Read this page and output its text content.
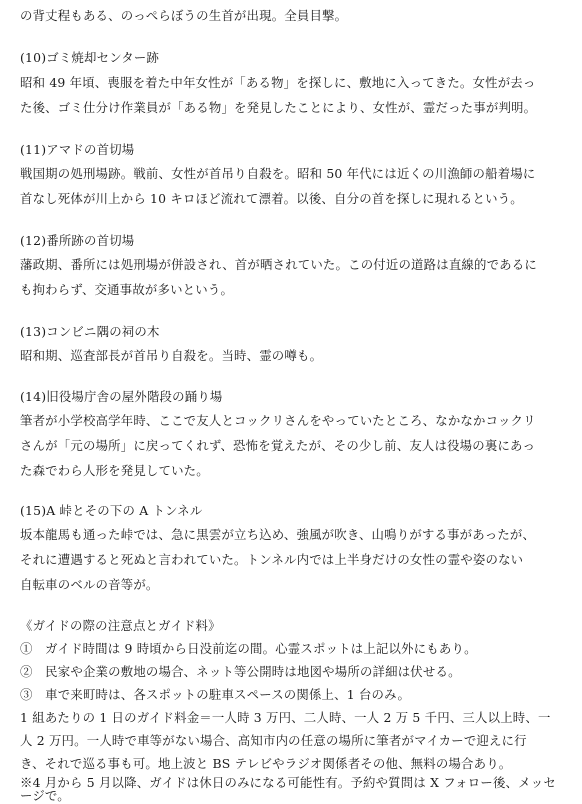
の背丈程もある、のっぺらぼうの生首が出現。全員目撃。
(10)ゴミ焼却センター跡
昭和 49 年頃、喪服を着た中年女性が「ある物」を探しに、敷地に入ってきた。女性が去っ
た後、ゴミ仕分け作業員が「ある物」を発見したことにより、女性が、霊だった事が判明。
(11)アマドの首切場
戦国期の処刑場跡。戦前、女性が首吊り自殺を。昭和 50 年代には近くの川漁師の船着場に
首なし死体が川上から 10 キロほど流れて漂着。以後、自分の首を探しに現れるという。
(12)番所跡の首切場
藩政期、番所には処刑場が併設され、首が晒されていた。この付近の道路は直線的であるに
も拘わらず、交通事故が多いという。
(13)コンビニ隅の祠の木
昭和期、巡査部長が首吊り自殺を。当時、霊の噂も。
(14)旧役場庁舎の屋外階段の踊り場
筆者が小学校高学年時、ここで友人とコックリさんをやっていたところ、なかなかコックリ
さんが「元の場所」に戻ってくれず、恐怖を覚えたが、その少し前、友人は役場の裏にあっ
た森でわら人形を発見していた。
(15)A 峠とその下の A トンネル
坂本龍馬も通った峠では、急に黒雲が立ち込め、強風が吹き、山鳴りがする事があったが、
それに遭遇すると死ぬと言われていた。トンネル内では上半身だけの女性の霊や姿のない
自転車のベルの音等が。
《ガイドの際の注意点とガイド料》
①　ガイド時間は 9 時頃から日没前迄の間。心霊スポットは上記以外にもあり。
②　民家や企業の敷地の場合、ネット等公開時は地図や場所の詳細は伏せる。
③　車で来町時は、各スポットの駐車スペースの関係上、1 台のみ。
1 組あたりの 1 日のガイド料金＝一人時 3 万円、二人時、一人 2 万 5 千円、三人以上時、一
人 2 万円。一人時で車等がない場合、高知市内の任意の場所に筆者がマイカーで迎えに行
き、それで巡る事も可。地上波と BS テレビやラジオ関係者その他、無料の場合あり。
※4 月から 5 月以降、ガイドは休日のみになる可能性有。予約や質問は X フォロー後、メッセ
ージで。
